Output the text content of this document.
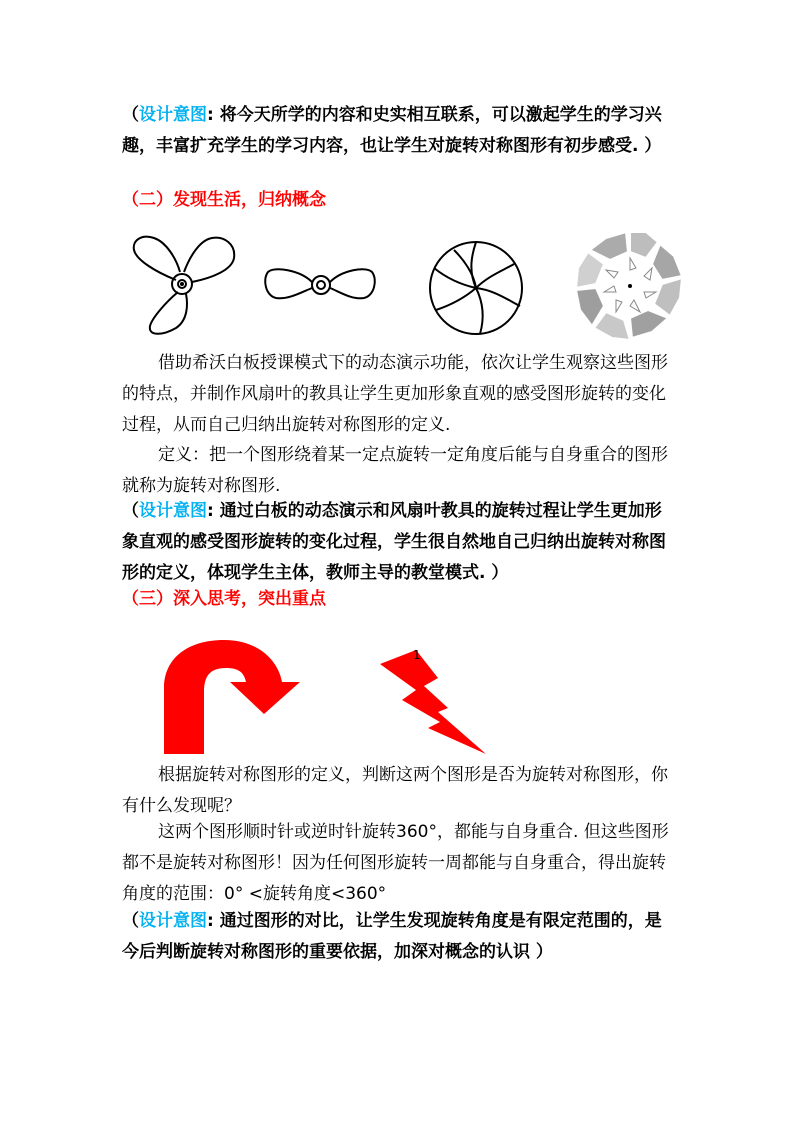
（设计意图: 将今天所学的内容和史实相互联系，可以激起学生的学习兴趣，丰富扩充学生的学习内容，也让学生对旋转对称图形有初步感受. ）
（二）发现生活，归纳概念
借助希沃白板授课模式下的动态演示功能，依次让学生观察这些图形的特点，并制作风扇叶的教具让学生更加形象直观的感受图形旋转的变化过程，从而自己归纳出旋转对称图形的定义.
定义：把一个图形绕着某一定点旋转一定角度后能与自身重合的图形就称为旋转对称图形.
（设计意图: 通过白板的动态演示和风扇叶教具的旋转过程让学生更加形象直观的感受图形旋转的变化过程，学生很自然地自己归纳出旋转对称图形的定义，体现学生主体，教师主导的教堂模式. ）
（三）深入思考，突出重点
1
根据旋转对称图形的定义，判断这两个图形是否为旋转对称图形，你有什么发现呢？
这两个图形顺时针或逆时针旋转360°，都能与自身重合. 但这些图形都不是旋转对称图形！因为任何图形旋转一周都能与自身重合，得出旋转角度的范围：0° <旋转角度<360°
（设计意图: 通过图形的对比，让学生发现旋转角度是有限定范围的，是今后判断旋转对称图形的重要依据，加深对概念的认识 ）
